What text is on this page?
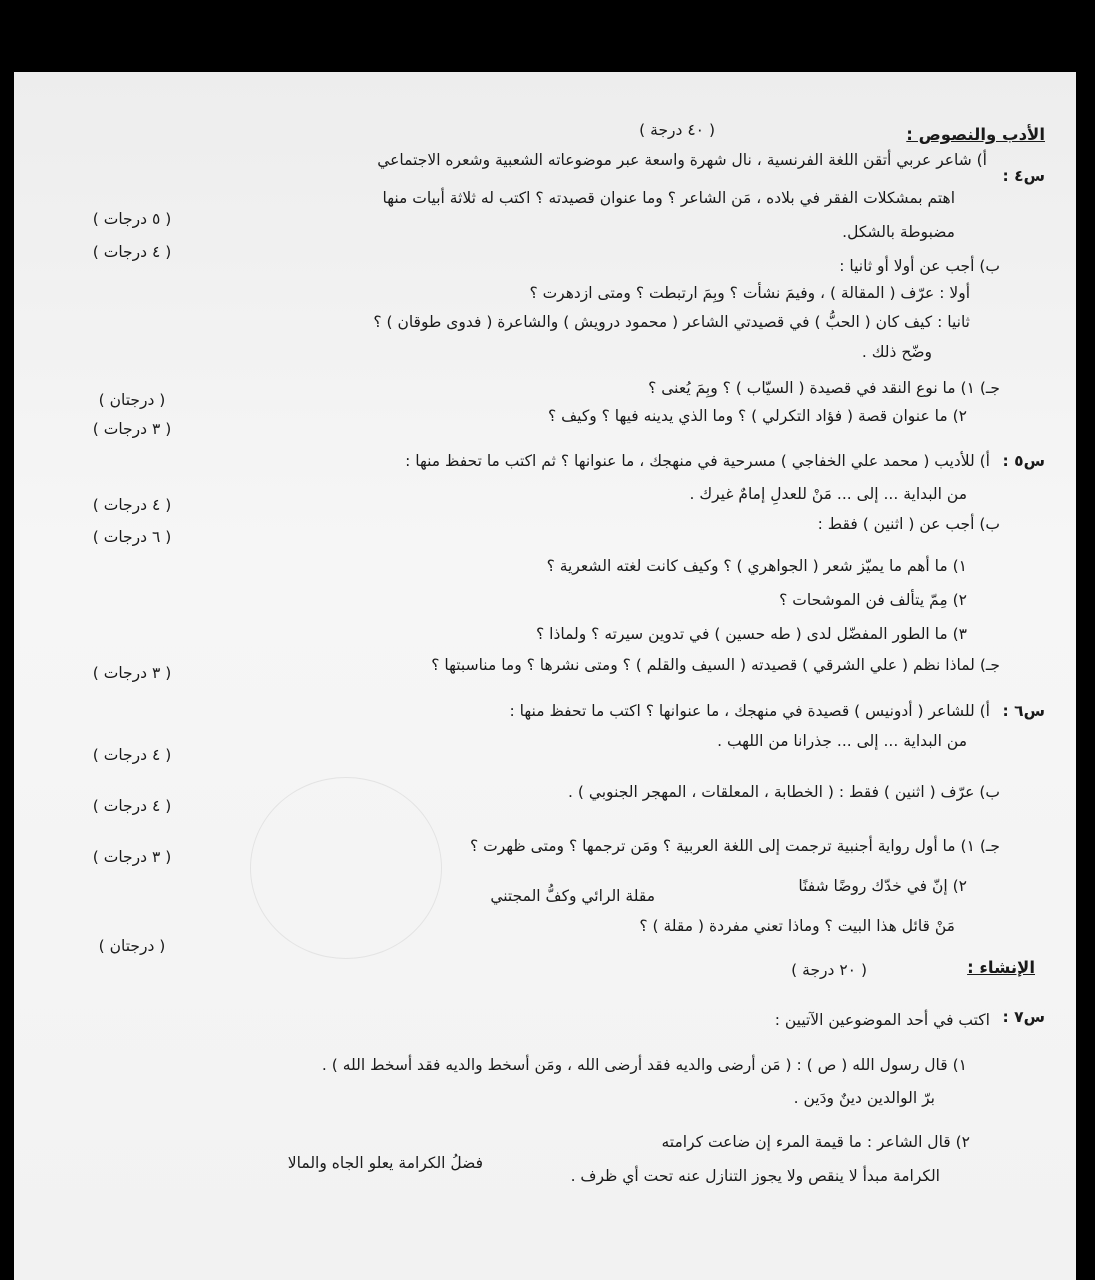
الأدب والنصوص :
( ٤٠ درجة )
س٤ :
أ) شاعر عربي أتقن اللغة الفرنسية ، نال شهرة واسعة عبر موضوعاته الشعبية وشعره الاجتماعي
اهتم بمشكلات الفقر في بلاده ، مَن الشاعر ؟ وما عنوان قصيدته ؟ اكتب له ثلاثة أبيات منها
مضبوطة بالشكل.
( ٥ درجات )
( ٤ درجات )
ب) أجب عن أولا أو ثانيا :
أولا : عرّف ( المقالة ) ، وفيمَ نشأت ؟ وبِمَ ارتبطت ؟ ومتى ازدهرت ؟
ثانيا : كيف كان ( الحبُّ ) في قصيدتي الشاعر ( محمود درويش ) والشاعرة ( فدوى طوقان ) ؟
وضّح ذلك .
جـ) ١) ما نوع النقد في قصيدة ( السيّاب ) ؟ وبِمَ يُعنى ؟
( درجتان )
٢) ما عنوان قصة ( فؤاد التكرلي ) ؟ وما الذي يدينه فيها ؟ وكيف ؟
( ٣ درجات )
س٥ :
أ) للأديب ( محمد علي الخفاجي ) مسرحية في منهجك ، ما عنوانها ؟ ثم اكتب ما تحفظ منها :
من البداية ... إلى ... مَنْ للعدلِ إمامٌ غيرك .
( ٤ درجات )
ب) أجب عن ( اثنين ) فقط :
( ٦ درجات )
١) ما أهم ما يميّز شعر ( الجواهري ) ؟ وكيف كانت لغته الشعرية ؟
٢) مِمّ يتألف فن الموشحات ؟
٣) ما الطور المفضّل لدى ( طه حسين ) في تدوين سيرته ؟ ولماذا ؟
جـ) لماذا نظم ( علي الشرقي ) قصيدته ( السيف والقلم ) ؟ ومتى نشرها ؟ وما مناسبتها ؟
( ٣ درجات )
س٦ :
أ) للشاعر ( أدونيس ) قصيدة في منهجك ، ما عنوانها ؟ اكتب ما تحفظ منها :
من البداية ... إلى ... جذرانا من اللهب .
( ٤ درجات )
ب) عرّف ( اثنين ) فقط : ( الخطابة ، المعلقات ، المهجر الجنوبي ) .
( ٤ درجات )
جـ) ١) ما أول رواية أجنبية ترجمت إلى اللغة العربية ؟ ومَن ترجمها ؟ ومتى ظهرت ؟
( ٣ درجات )
٢) إنّ في خدّك روضًا شفنًا
مقلة الرائي وكفُّ المجتني
مَنْ قائل هذا البيت ؟ وماذا تعني مفردة ( مقلة ) ؟
( درجتان )
الإنشاء :
( ٢٠ درجة )
س٧ :
اكتب في أحد الموضوعين الآتيين :
١) قال رسول الله ( ص ) : ( مَن أرضى والديه فقد أرضى الله ، ومَن أسخط والديه فقد أسخط الله ) .
برّ الوالدين دينٌ ودَين .
٢) قال الشاعر : ما قيمة المرء إن ضاعت كرامته
فضلُ الكرامة يعلو الجاه والمالا
الكرامة مبدأ لا ينقص ولا يجوز التنازل عنه تحت أي ظرف .
